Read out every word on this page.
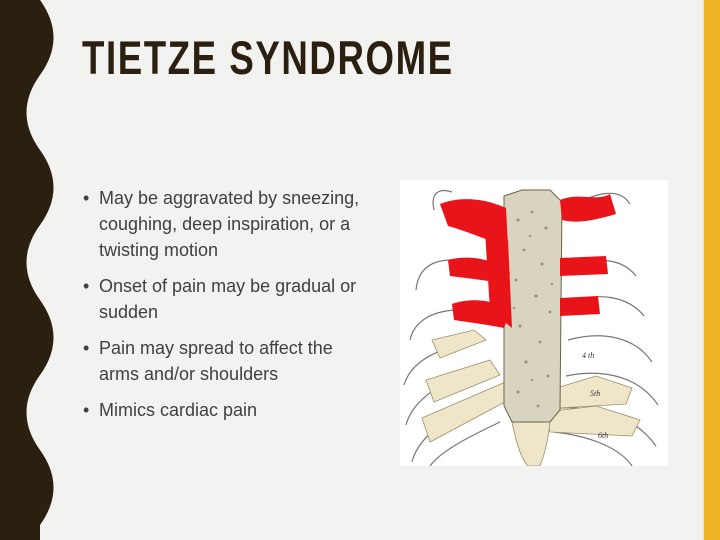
TIETZE SYNDROME
• May be aggravated by sneezing, coughing, deep inspiration, or a twisting motion
• Onset of pain may be gradual or sudden
• Pain may spread to affect the arms and/or shoulders
• Mimics cardiac pain
4 th
5th
6th
